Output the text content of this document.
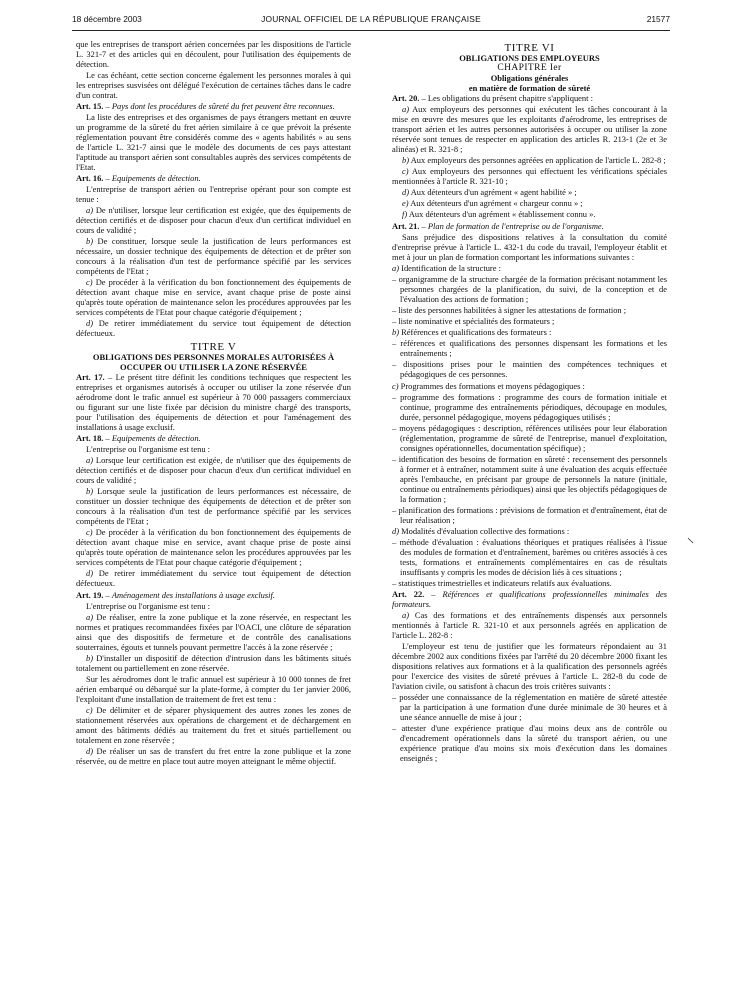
18 décembre 2003	JOURNAL OFFICIEL DE LA RÉPUBLIQUE FRANÇAISE	21577

que les entreprises de transport aérien concernées par les dispositions de l'article L. 321-7 et des articles qui en découlent, pour l'utilisation des équipements de détection.

Le cas échéant, cette section concerne également les personnes morales à qui les entreprises susvisées ont délégué l'exécution de certaines tâches dans le cadre d'un contrat.

Art. 15. – Pays dont les procédures de sûreté du fret peuvent être reconnues.

La liste des entreprises et des organismes de pays étrangers mettant en œuvre un programme de la sûreté du fret aérien similaire à ce que prévoit la présente réglementation pouvant être considérés comme des « agents habilités » au sens de l'article L. 321-7 ainsi que le modèle des documents de ces pays attestant l'aptitude au transport aérien sont consultables auprès des services compétents de l'Etat.

Art. 16. – Equipements de détection.

L'entreprise de transport aérien ou l'entreprise opérant pour son compte est tenue :

a) De n'utiliser, lorsque leur certification est exigée, que des équipements de détection certifiés et de disposer pour chacun d'eux d'un certificat individuel en cours de validité ;

b) De constituer, lorsque seule la justification de leurs performances est nécessaire, un dossier technique des équipements de détection et de prêter son concours à la réalisation d'un test de performance spécifié par les services compétents de l'Etat ;

c) De procéder à la vérification du bon fonctionnement des équipements de détection avant chaque mise en service, avant chaque prise de poste ainsi qu'après toute opération de maintenance selon les procédures approuvées par les services compétents de l'Etat pour chaque catégorie d'équipement ;

d) De retirer immédiatement du service tout équipement de détection défectueux.

TITRE V

OBLIGATIONS DES PERSONNES MORALES AUTORISÉES À OCCUPER OU UTILISER LA ZONE RÉSERVÉE

Art. 17. – Le présent titre définit les conditions techniques que respectent les entreprises et organismes autorisés à occuper ou utiliser la zone réservée d'un aérodrome dont le trafic annuel est supérieur à 70 000 passagers commerciaux ou figurant sur une liste fixée par décision du ministre chargé des transports, pour l'utilisation des équipements de détection et pour l'aménagement des installations à usage exclusif.

Art. 18. – Equipements de détection.

L'entreprise ou l'organisme est tenu :

a) Lorsque leur certification est exigée, de n'utiliser que des équipements de détection certifiés et de disposer pour chacun d'eux d'un certificat individuel en cours de validité ;

b) Lorsque seule la justification de leurs performances est nécessaire, de constituer un dossier technique des équipements de détection et de prêter son concours à la réalisation d'un test de performance spécifié par les services compétents de l'Etat ;

c) De procéder à la vérification du bon fonctionnement des équipements de détection avant chaque mise en service, avant chaque prise de poste ainsi qu'après toute opération de maintenance selon les procédures approuvées par les services compétents de l'Etat pour chaque catégorie d'équipement ;

d) De retirer immédiatement du service tout équipement de détection défectueux.

Art. 19. – Aménagement des installations à usage exclusif.

L'entreprise ou l'organisme est tenu :

a) De réaliser, entre la zone publique et la zone réservée, en respectant les normes et pratiques recommandées fixées par l'OACI, une clôture de séparation ainsi que des dispositifs de fermeture et de contrôle des canalisations souterraines, égouts et tunnels pouvant permettre l'accès à la zone réservée ;

b) D'installer un dispositif de détection d'intrusion dans les bâtiments situés totalement ou partiellement en zone réservée.

Sur les aérodromes dont le trafic annuel est supérieur à 10 000 tonnes de fret aérien embarqué ou débarqué sur la plate-forme, à compter du 1er janvier 2006, l'exploitant d'une installation de traitement de fret est tenu :

c) De délimiter et de séparer physiquement des autres zones les zones de stationnement réservées aux opérations de chargement et de déchargement en amont des bâtiments dédiés au traitement du fret et situés partiellement ou totalement en zone réservée ;

d) De réaliser un sas de transfert du fret entre la zone publique et la zone réservée, ou de mettre en place tout autre moyen atteignant le même objectif.

TITRE VI

OBLIGATIONS DES EMPLOYEURS

CHAPITRE Ier

Obligations générales

en matière de formation de sûreté

Art. 20. – Les obligations du présent chapitre s'appliquent :

a) Aux employeurs des personnes qui exécutent les tâches concourant à la mise en œuvre des mesures que les exploitants d'aérodrome, les entreprises de transport aérien et les autres personnes autorisées à occuper ou utiliser la zone réservée sont tenues de respecter en application des articles R. 213-1 (2e et 3e alinéas) et R. 321-8 ;

b) Aux employeurs des personnes agréées en application de l'article L. 282-8 ;

c) Aux employeurs des personnes qui effectuent les vérifications spéciales mentionnées à l'article R. 321-10 ;

d) Aux détenteurs d'un agrément « agent habilité » ;

e) Aux détenteurs d'un agrément « chargeur connu » ;

f) Aux détenteurs d'un agrément « établissement connu ».

Art. 21. – Plan de formation de l'entreprise ou de l'organisme.

Sans préjudice des dispositions relatives à la consultation du comité d'entreprise prévue à l'article L. 432-1 du code du travail, l'employeur établit et met à jour un plan de formation comportant les informations suivantes :

a) Identification de la structure :

– organigramme de la structure chargée de la formation précisant notamment les personnes chargées de la planification, du suivi, de la conception et de l'évaluation des actions de formation ;

– liste des personnes habilitées à signer les attestations de formation ;

– liste nominative et spécialités des formateurs ;

b) Références et qualifications des formateurs :

– références et qualifications des personnes dispensant les formations et les entraînements ;

– dispositions prises pour le maintien des compétences techniques et pédagogiques de ces personnes.

c) Programmes des formations et moyens pédagogiques :

– programme des formations : programme des cours de formation initiale et continue, programme des entraînements périodiques, découpage en modules, durée, personnel pédagogique, moyens pédagogiques utilisés ;

– moyens pédagogiques : description, références utilisées pour leur élaboration (réglementation, programme de sûreté de l'entreprise, manuel d'exploitation, consignes opérationnelles, documentation spécifique) ;

– identification des besoins de formation en sûreté : recensement des personnels à former et à entraîner, notamment suite à une évaluation des acquis effectuée après l'embauche, en précisant par groupe de personnels la nature (initiale, continue ou entraînements périodiques) ainsi que les objectifs pédagogiques de la formation ;

– planification des formations : prévisions de formation et d'entraînement, état de leur réalisation ;

d) Modalités d'évaluation collective des formations :

– méthode d'évaluation : évaluations théoriques et pratiques réalisées à l'issue des modules de formation et d'entraînement, barèmes ou critères associés à ces tests, formations et entraînements complémentaires en cas de résultats insuffisants y compris les modes de décision liés à ces situations ;

– statistiques trimestrielles et indicateurs relatifs aux évaluations.

Art. 22. – Références et qualifications professionnelles minimales des formateurs.

a) Cas des formations et des entraînements dispensés aux personnels mentionnés à l'article R. 321-10 et aux personnels agréés en application de l'article L. 282-8 :

L'employeur est tenu de justifier que les formateurs répondaient au 31 décembre 2002 aux conditions fixées par l'arrêté du 20 décembre 2000 fixant les dispositions relatives aux formations et à la qualification des personnels agréés pour l'exercice des visites de sûreté prévues à l'article L. 282-8 du code de l'aviation civile, ou satisfont à chacun des trois critères suivants :

– posséder une connaissance de la réglementation en matière de sûreté attestée par la participation à une formation d'une durée minimale de 30 heures et à une séance annuelle de mise à jour ;

– attester d'une expérience pratique d'au moins deux ans de contrôle ou d'encadrement opérationnels dans la sûreté du transport aérien, ou une expérience pratique d'au moins six mois d'exécution dans les domaines enseignés ;
